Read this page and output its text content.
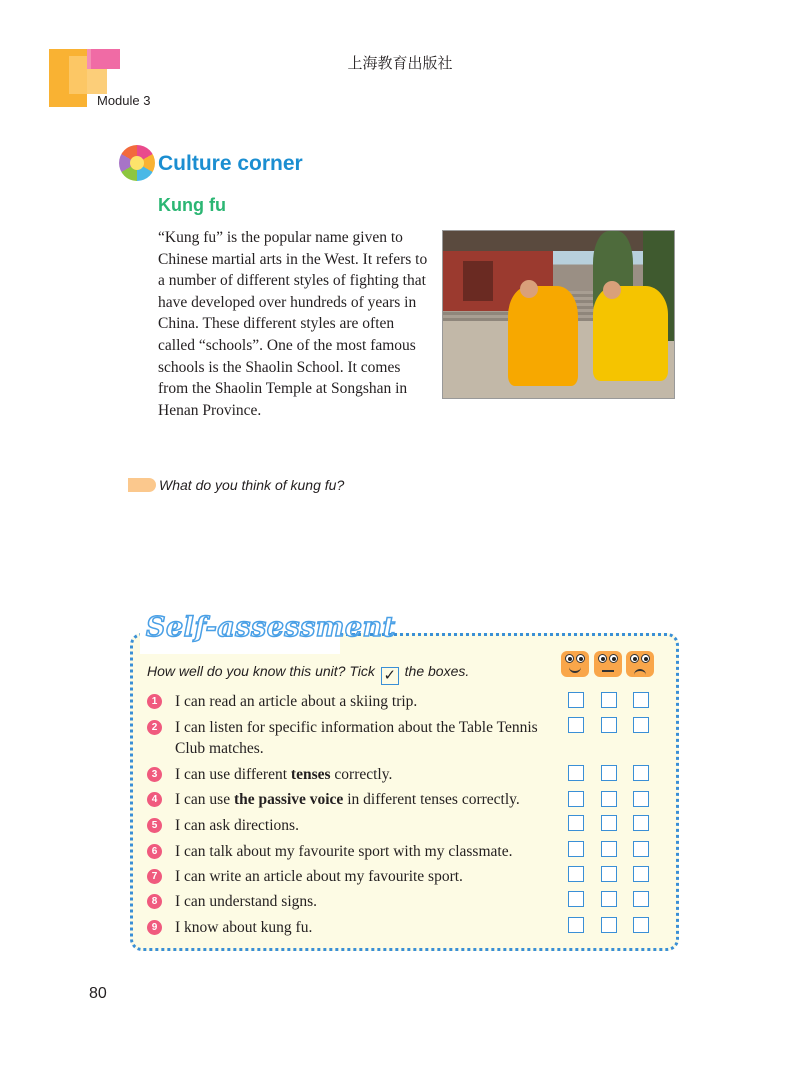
Module 3
上海教育出版社
Culture corner
Kung fu

“Kung fu” is the popular name given to Chinese martial arts in the West. It refers to a number of different styles of fighting that have developed over hundreds of years in China. These different styles are often called “schools”. One of the most famous schools is the Shaolin School. It comes from the Shaolin Temple at Songshan in Henan Province.

What do you think of kung fu?
Self-assessment
How well do you know this unit? Tick ✓ the boxes.
1	I can read an article about a skiing trip.
2	I can listen for specific information about the Table Tennis Club matches.
3	I can use different tenses correctly.
4	I can use the passive voice in different tenses correctly.
5	I can ask directions.
6	I can talk about my favourite sport with my classmate.
7	I can write an article about my favourite sport.
8	I can understand signs.
9	I know about kung fu.
80
